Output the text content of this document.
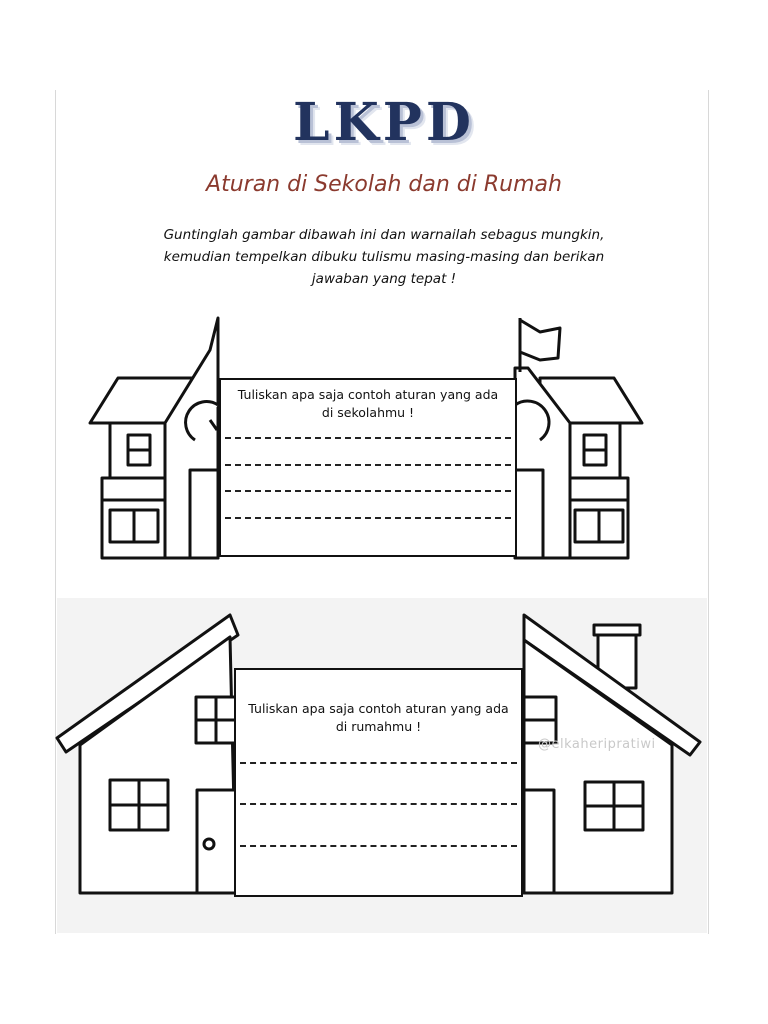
LKPD
Aturan di Sekolah dan di Rumah
Guntinglah gambar dibawah ini dan warnailah sebagus mungkin,
kemudian tempelkan dibuku tulismu masing-masing dan berikan
jawaban yang tepat !
Tuliskan apa saja contoh aturan yang ada di sekolahmu !
Tuliskan apa saja contoh aturan yang ada di rumahmu !
@elkaheripratiwi
